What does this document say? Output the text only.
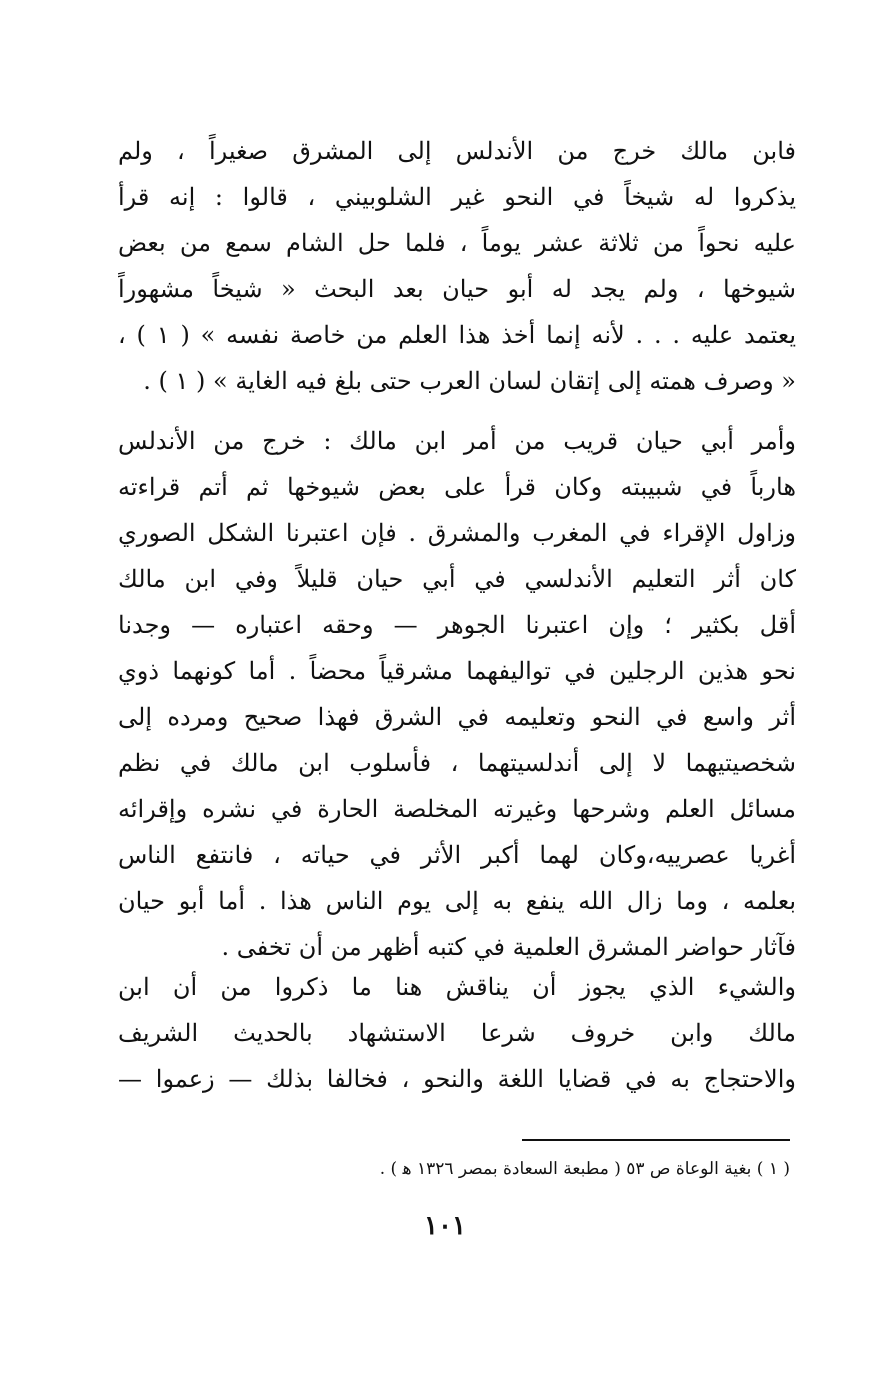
فابن مالك خرج من الأندلس إلى المشرق صغيراً ، ولم
يذكروا له شيخاً في النحو غير الشلوبيني ، قالوا : إنه قرأ
عليه نحواً من ثلاثة عشر يوماً ، فلما حل الشام سمع من بعض
شيوخها ، ولم يجد له أبو حيان بعد البحث « شيخاً مشهوراً
يعتمد عليه . . . لأنه إنما أخذ هذا العلم من خاصة نفسه » ( ١ ) ،
« وصرف همته إلى إتقان لسان العرب حتى بلغ فيه الغاية » ( ١ ) .
وأمر أبي حيان قريب من أمر ابن مالك : خرج من الأندلس
هارباً في شبيبته وكان قرأ على بعض شيوخها ثم أتم قراءته
وزاول الإقراء في المغرب والمشرق . فإن اعتبرنا الشكل الصوري
كان أثر التعليم الأندلسي في أبي حيان قليلاً وفي ابن مالك
أقل بكثير ؛ وإن اعتبرنا الجوهر — وحقه اعتباره — وجدنا
نحو هذين الرجلين في تواليفهما مشرقياً محضاً . أما كونهما ذوي
أثر واسع في النحو وتعليمه في الشرق فهذا صحيح ومرده إلى
شخصيتيهما لا إلى أندلسيتهما ، فأسلوب ابن مالك في نظم
مسائل العلم وشرحها وغيرته المخلصة الحارة في نشره وإقرائه
أغريا عصرييه،وكان لهما أكبر الأثر في حياته ، فانتفع الناس
بعلمه ، وما زال الله ينفع به إلى يوم الناس هذا . أما أبو حيان
فآثار حواضر المشرق العلمية في كتبه أظهر من أن تخفى .
والشيء الذي يجوز أن يناقش هنا ما ذكروا من أن ابن
مالك وابن خروف شرعا الاستشهاد بالحديث الشريف
والاحتجاج به في قضايا اللغة والنحو ، فخالفا بذلك — زعموا —
( ١ ) بغية الوعاة ص ٥٣ ( مطبعة السعادة بمصر ١٣٢٦ ﻫ ) .
١٠١
